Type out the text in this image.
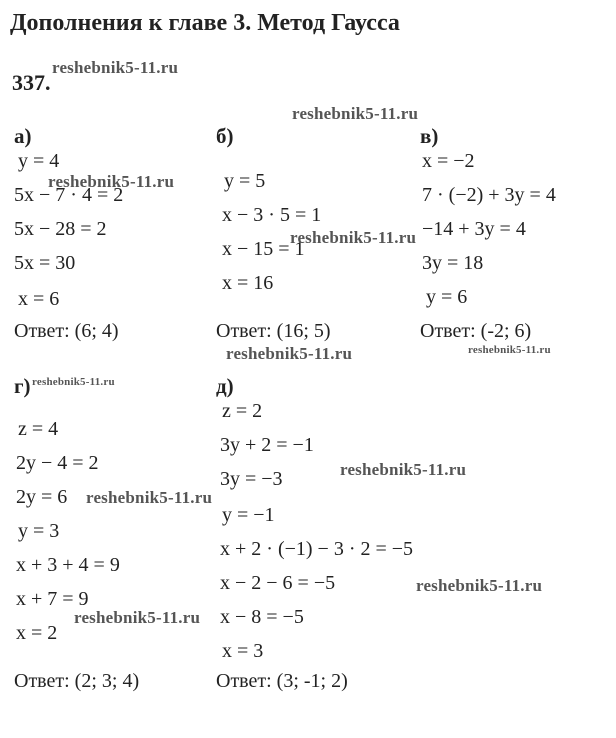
Дополнения к главе 3. Метод Гаусса
337.
а)
y = 4
5x − 7 · 4 = 2
5x − 28 = 2
5x = 30
x = 6
Ответ: (6; 4)
б)
y = 5
x − 3 · 5 = 1
x − 15 = 1
x = 16
Ответ: (16; 5)
в)
x = −2
7 · (−2) + 3y = 4
−14 + 3y = 4
3y = 18
y = 6
Ответ: (-2; 6)
г)
z = 4
2y − 4 = 2
2y = 6
y = 3
x + 3 + 4 = 9
x + 7 = 9
x = 2
Ответ: (2; 3; 4)
д)
z = 2
3y + 2 = −1
3y = −3
y = −1
x + 2 · (−1) − 3 · 2 = −5
x − 2 − 6 = −5
x − 8 = −5
x = 3
Ответ: (3; -1; 2)
reshebnik5-11.ru
reshebnik5-11.ru
reshebnik5-11.ru
reshebnik5-11.ru
reshebnik5-11.ru	reshebnik5-11.ru
reshebnik5-11.ru
reshebnik5-11.ru
reshebnik5-11.ru
reshebnik5-11.ru
reshebnik5-11.ru
